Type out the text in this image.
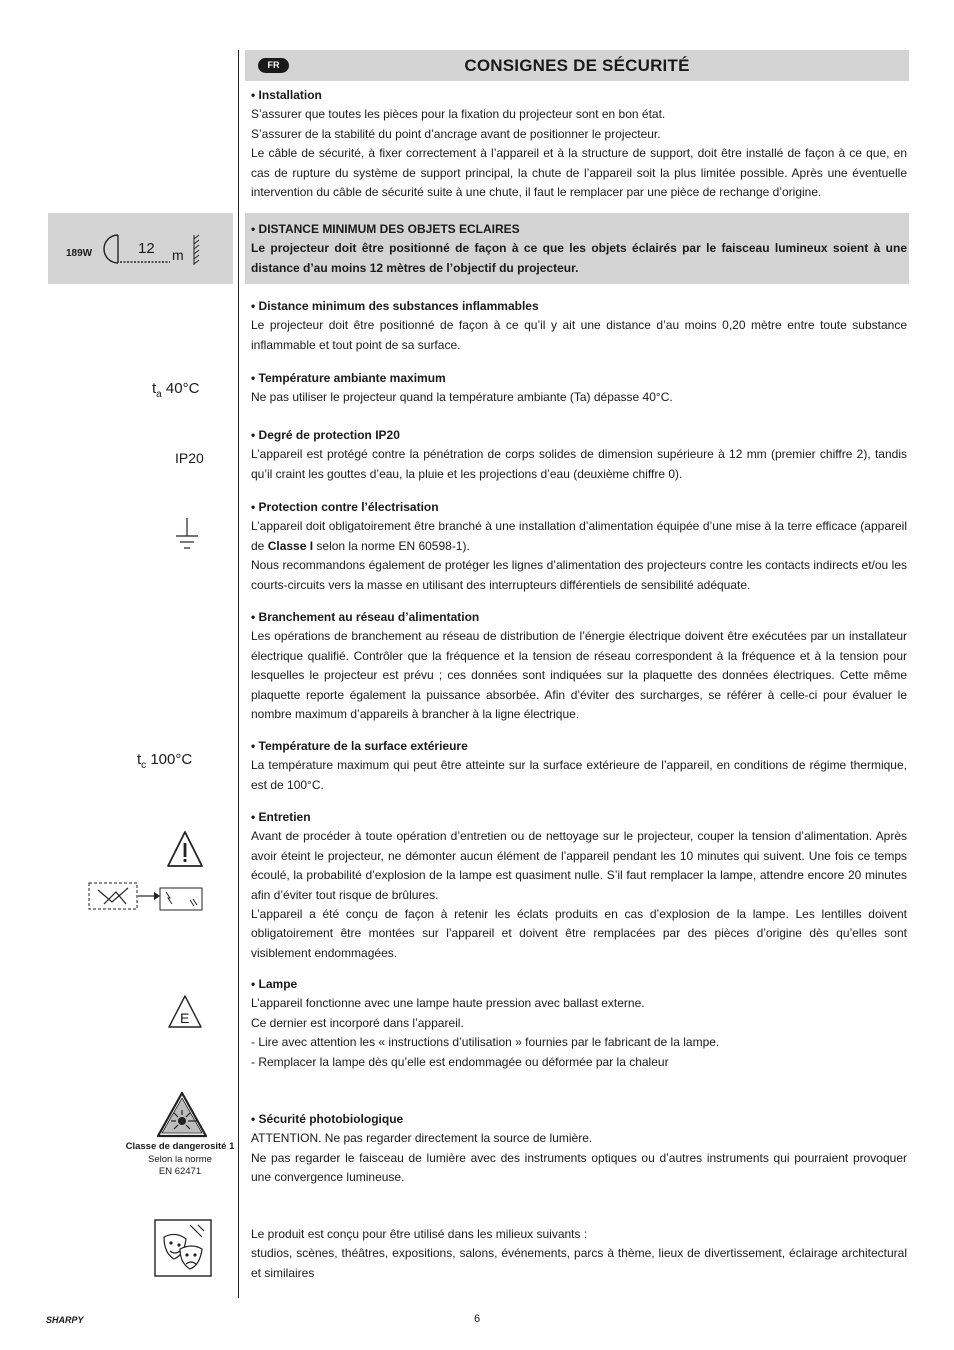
FR	CONSIGNES DE SÉCURITÉ
189W	12 m
$t_a$ 40°C
IP20
$t_c$ 100°C
E
Classe de dangerosité 1
Selon la norme
EN 62471
• Installation

S’assurer que toutes les pièces pour la fixation du projecteur sont en bon état.

S’assurer de la stabilité du point d’ancrage avant de positionner le projecteur.

Le câble de sécurité, à fixer correctement à l’appareil et à la structure de support, doit être installé de façon à ce que, en cas de rupture du système de support principal, la chute de l’appareil soit la plus limitée possible. Après une éventuelle intervention du câble de sécurité suite à une chute, il faut le remplacer par une pièce de rechange d’origine.

• DISTANCE MINIMUM DES OBJETS ECLAIRES

Le projecteur doit être positionné de façon à ce que les objets éclairés par le faisceau lumineux soient à une distance d’au moins 12 mètres de l’objectif du projecteur.

• Distance minimum des substances inflammables

Le projecteur doit être positionné de façon à ce qu’il y ait une distance d’au moins 0,20 mètre entre toute substance inflammable et tout point de sa surface.

• Température ambiante maximum

Ne pas utiliser le projecteur quand la température ambiante (Ta) dépasse 40°C.

• Degré de protection IP20

L’appareil est protégé contre la pénétration de corps solides de dimension supérieure à 12 mm (premier chiffre 2), tandis qu’il craint les gouttes d’eau, la pluie et les projections d’eau (deuxième chiffre 0).

• Protection contre l’électrisation

L’appareil doit obligatoirement être branché à une installation d’alimentation équipée d’une mise à la terre efficace (appareil de Classe I selon la norme EN 60598-1).

Nous recommandons également de protéger les lignes d’alimentation des projecteurs contre les contacts indirects et/ou les courts-circuits vers la masse en utilisant des interrupteurs différentiels de sensibilité adéquate.

• Branchement au réseau d’alimentation

Les opérations de branchement au réseau de distribution de l’énergie électrique doivent être exécutées par un installateur électrique qualifié. Contrôler que la fréquence et la tension de réseau correspondent à la fréquence et à la tension pour lesquelles le projecteur est prévu ; ces données sont indiquées sur la plaquette des données électriques. Cette même plaquette reporte également la puissance absorbée. Afin d’éviter des surcharges, se référer à celle-ci pour évaluer le nombre maximum d’appareils à brancher à la ligne électrique.

• Température de la surface extérieure

La température maximum qui peut être atteinte sur la surface extérieure de l’appareil, en conditions de régime thermique, est de 100°C.

• Entretien

Avant de procéder à toute opération d’entretien ou de nettoyage sur le projecteur, couper la tension d’alimentation. Après avoir éteint le projecteur, ne démonter aucun élément de l’appareil pendant les 10 minutes qui suivent. Une fois ce temps écoulé, la probabilité d’explosion de la lampe est quasiment nulle. S’il faut remplacer la lampe, attendre encore 20 minutes afin d’éviter tout risque de brûlures.

L’appareil a été conçu de façon à retenir les éclats produits en cas d’explosion de la lampe. Les lentilles doivent obligatoirement être montées sur l’appareil et doivent être remplacées par des pièces d’origine dès qu’elles sont visiblement endommagées.

• Lampe

L’appareil fonctionne avec une lampe haute pression avec ballast externe.

Ce dernier est incorporé dans l’appareil.

- Lire avec attention les « instructions d’utilisation » fournies par le fabricant de la lampe.

- Remplacer la lampe dès qu’elle est endommagée ou déformée par la chaleur

• Sécurité photobiologique

ATTENTION. Ne pas regarder directement la source de lumière.

Ne pas regarder le faisceau de lumière avec des instruments optiques ou d’autres instruments qui pourraient provoquer une convergence lumineuse.

Le produit est conçu pour être utilisé dans les milieux suivants :

studios, scènes, théâtres, expositions, salons, événements, parcs à thème, lieux de divertissement, éclairage architectural et similaires

SHARPY	6
